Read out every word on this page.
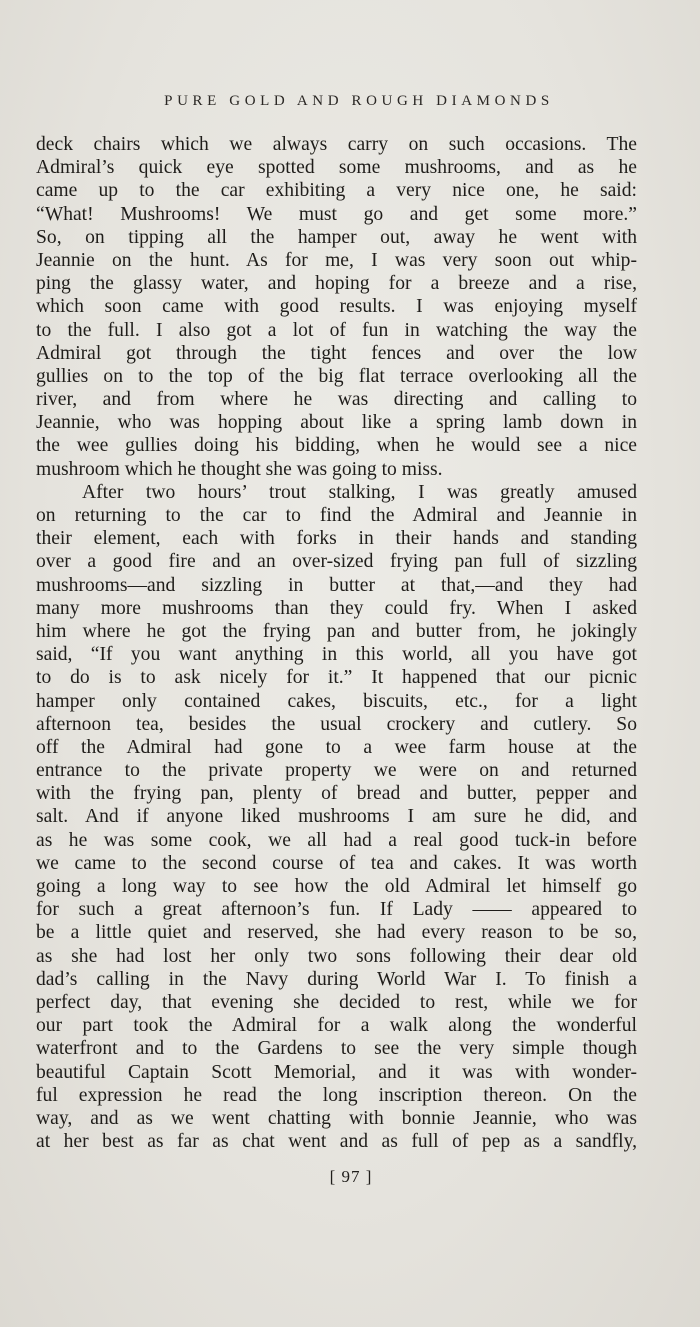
PURE GOLD AND ROUGH DIAMONDS
deck chairs which we always carry on such occasions. The
Admiral’s quick eye spotted some mushrooms, and as he
came up to the car exhibiting a very nice one, he said:
“What! Mushrooms! We must go and get some more.”
So, on tipping all the hamper out, away he went with
Jeannie on the hunt. As for me, I was very soon out whip-
ping the glassy water, and hoping for a breeze and a rise,
which soon came with good results. I was enjoying myself
to the full. I also got a lot of fun in watching the way the
Admiral got through the tight fences and over the low
gullies on to the top of the big flat terrace overlooking all the
river, and from where he was directing and calling to
Jeannie, who was hopping about like a spring lamb down in
the wee gullies doing his bidding, when he would see a nice
mushroom which he thought she was going to miss.
After two hours’ trout stalking, I was greatly amused
on returning to the car to find the Admiral and Jeannie in
their element, each with forks in their hands and standing
over a good fire and an over-sized frying pan full of sizzling
mushrooms—and sizzling in butter at that,—and they had
many more mushrooms than they could fry. When I asked
him where he got the frying pan and butter from, he jokingly
said, “If you want anything in this world, all you have got
to do is to ask nicely for it.” It happened that our picnic
hamper only contained cakes, biscuits, etc., for a light
afternoon tea, besides the usual crockery and cutlery. So
off the Admiral had gone to a wee farm house at the
entrance to the private property we were on and returned
with the frying pan, plenty of bread and butter, pepper and
salt. And if anyone liked mushrooms I am sure he did, and
as he was some cook, we all had a real good tuck-in before
we came to the second course of tea and cakes. It was worth
going a long way to see how the old Admiral let himself go
for such a great afternoon’s fun. If Lady —— appeared to
be a little quiet and reserved, she had every reason to be so,
as she had lost her only two sons following their dear old
dad’s calling in the Navy during World War I. To finish a
perfect day, that evening she decided to rest, while we for
our part took the Admiral for a walk along the wonderful
waterfront and to the Gardens to see the very simple though
beautiful Captain Scott Memorial, and it was with wonder-
ful expression he read the long inscription thereon. On the
way, and as we went chatting with bonnie Jeannie, who was
at her best as far as chat went and as full of pep as a sandfly,
[ 97 ]
